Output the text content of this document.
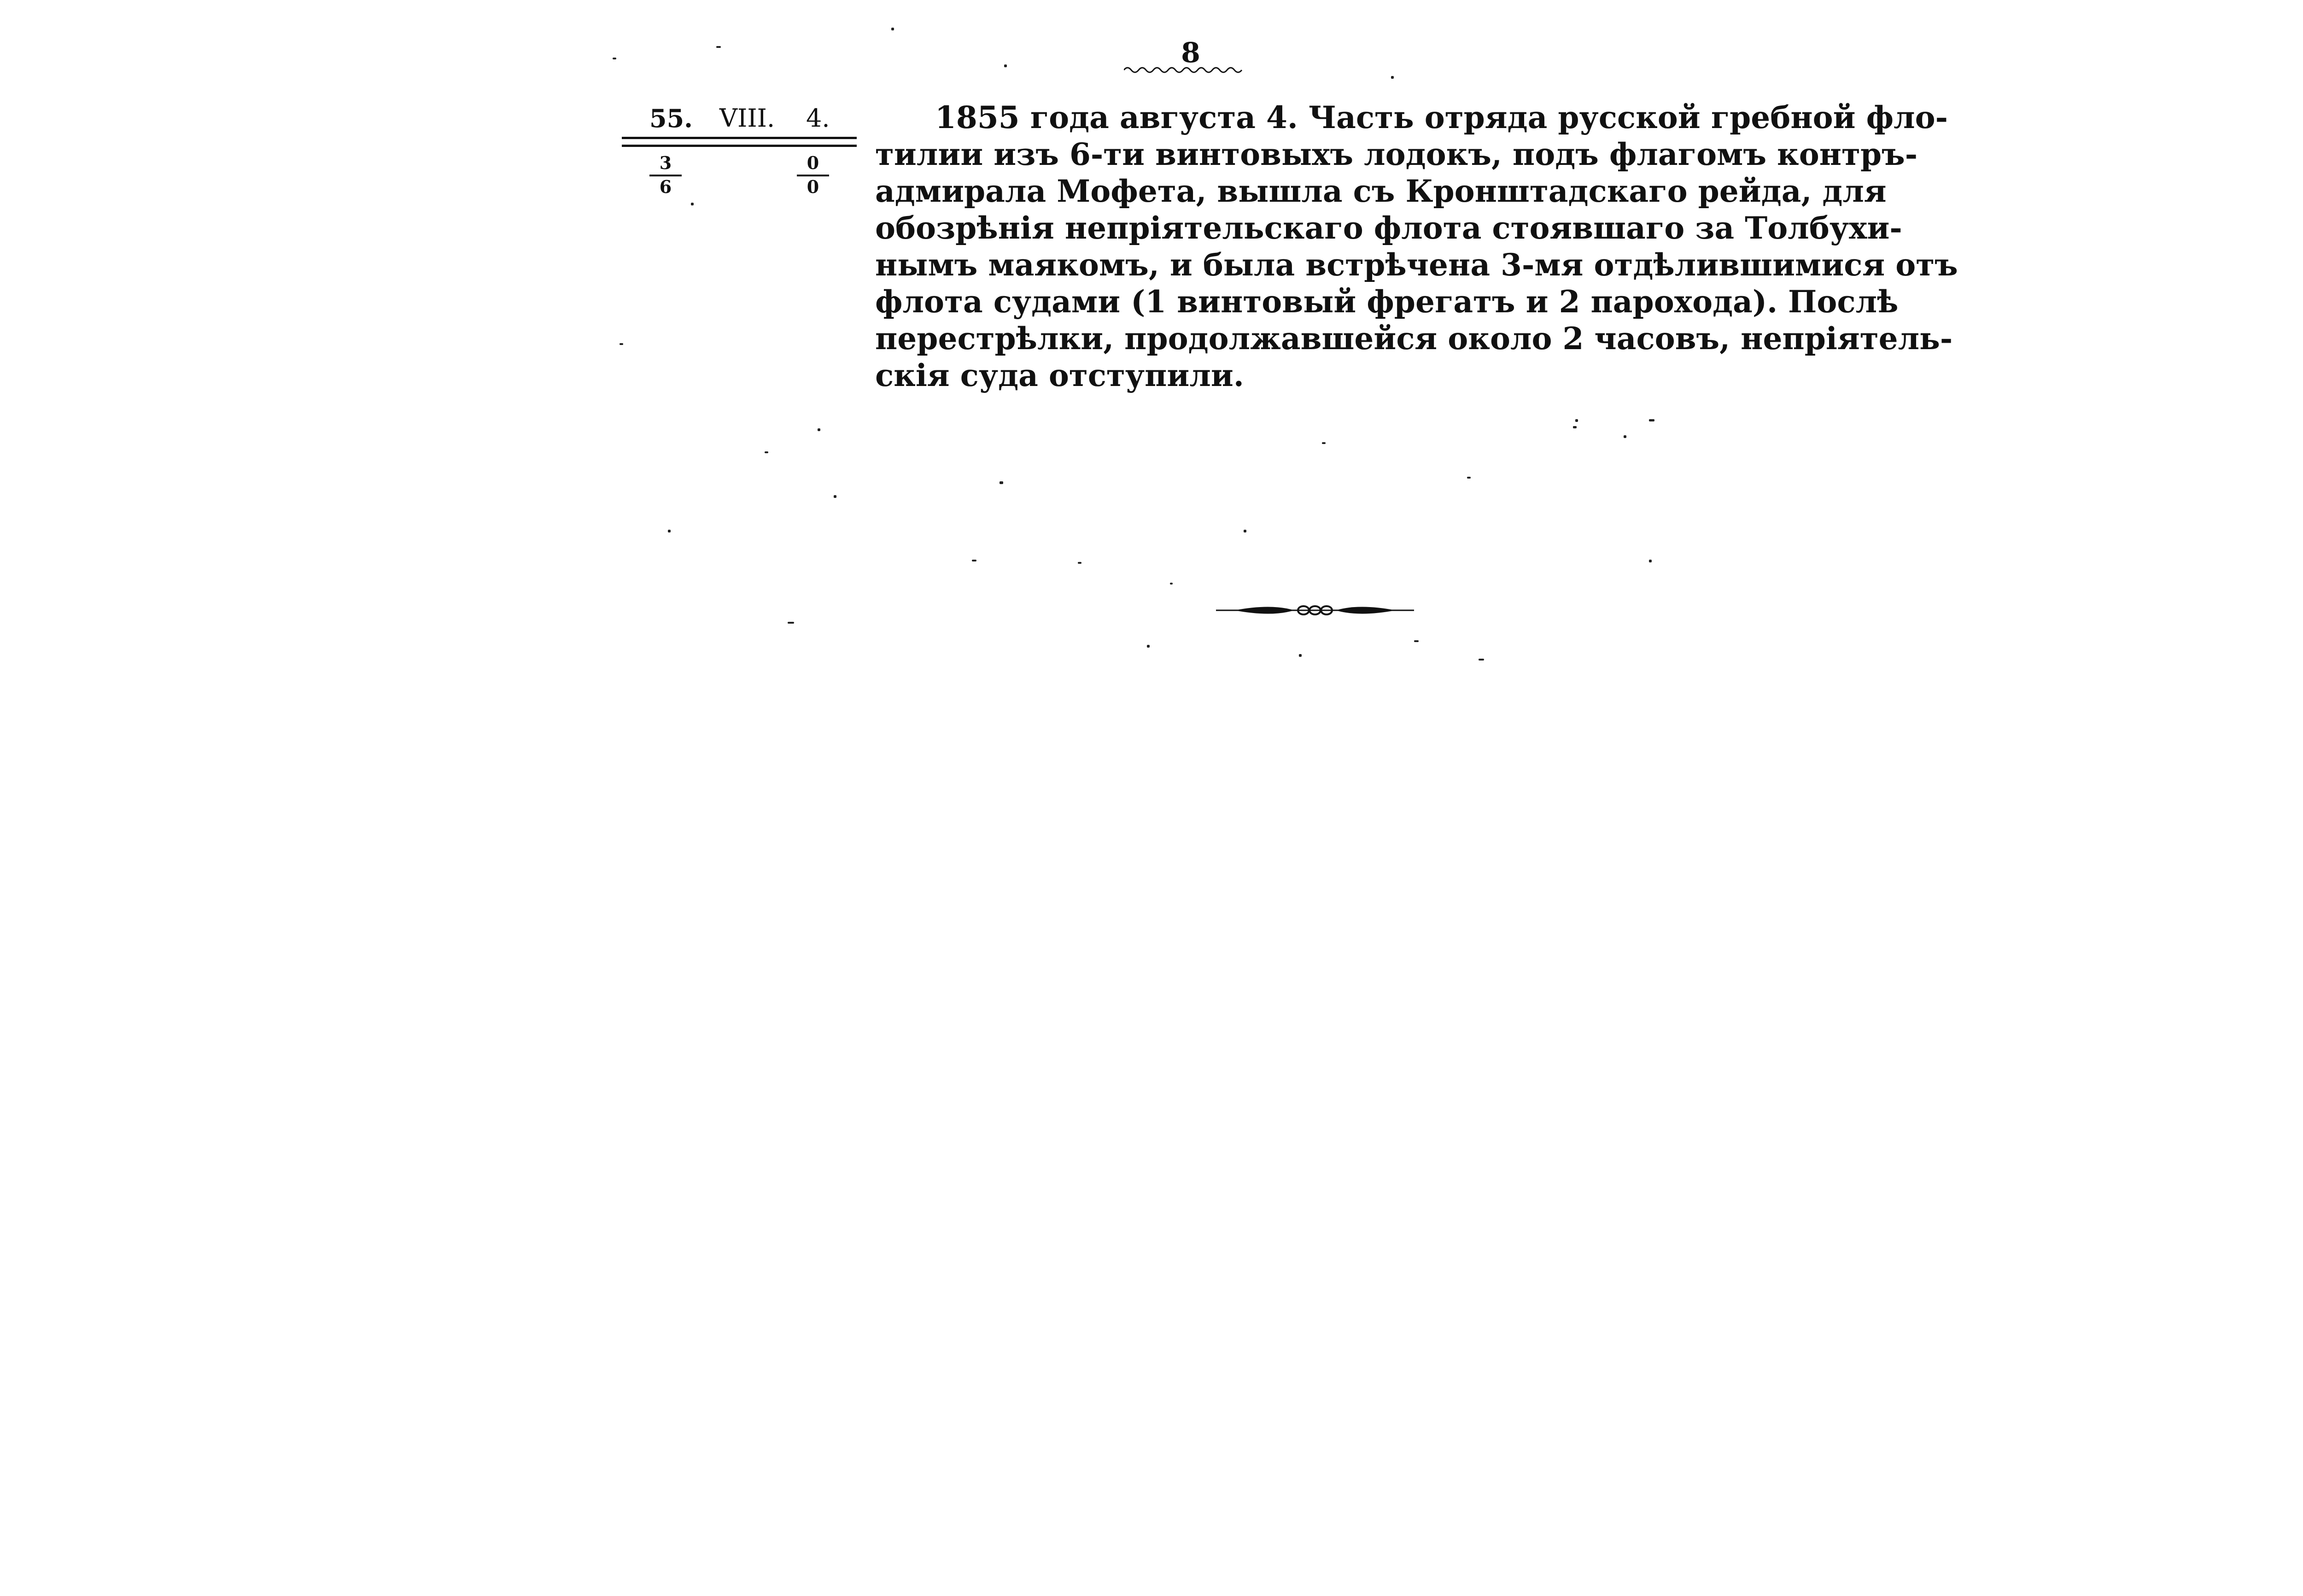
8
55. VIII. 4.
$\frac{3}{6}$	$\frac{0}{0}$
1855 года августа 4. Часть отряда русской гребной фло-
тилии изъ 6-ти винтовыхъ лодокъ, подъ флагомъ контръ-
адмирала Мофета, вышла съ Кронштадскаго рейда, для
обозрѣнія непріятельскаго флота стоявшаго за Толбухи-
нымъ маякомъ, и была встрѣчена 3-мя отдѣлившимися отъ
флота судами (1 винтовый фрегатъ и 2 парохода). Послѣ
перестрѣлки, продолжавшейся около 2 часовъ, непріятель-
скія суда отступили.
